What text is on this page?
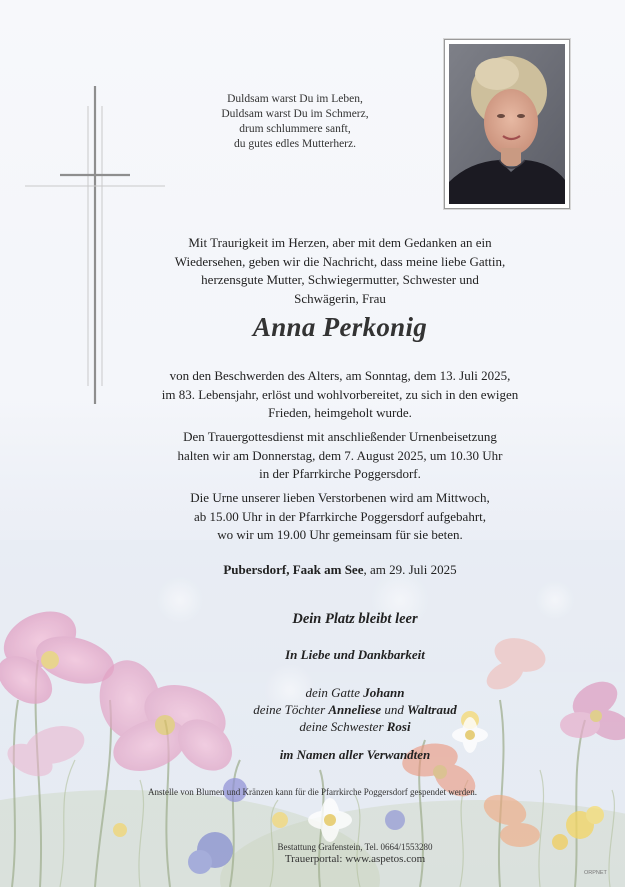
Duldsam warst Du im Leben,
Duldsam warst Du im Schmerz,
drum schlummere sanft,
du gutes edles Mutterherz.
Mit Traurigkeit im Herzen, aber mit dem Gedanken an ein
Wiedersehen, geben wir die Nachricht, dass meine liebe Gattin,
herzensgute Mutter, Schwiegermutter, Schwester und
Schwägerin, Frau
Anna Perkonig
von den Beschwerden des Alters, am Sonntag, dem 13. Juli 2025,
im 83. Lebensjahr, erlöst und wohlvorbereitet, zu sich in den ewigen
Frieden, heimgeholt wurde.
Den Trauergottesdienst mit anschließender Urnenbeisetzung
halten wir am Donnerstag, dem 7. August 2025, um 10.30 Uhr
in der Pfarrkirche Poggersdorf.
Die Urne unserer lieben Verstorbenen wird am Mittwoch,
ab 15.00 Uhr in der Pfarrkirche Poggersdorf aufgebahrt,
wo wir um 19.00 Uhr gemeinsam für sie beten.
Pubersdorf, Faak am See, am 29. Juli 2025
Dein Platz bleibt leer
In Liebe und Dankbarkeit
dein Gatte Johann
deine Töchter Anneliese und Waltraud
deine Schwester Rosi
im Namen aller Verwandten
Anstelle von Blumen und Kränzen kann für die Pfarrkirche Poggersdorf gespendet werden.
Bestattung Grafenstein, Tel. 0664/1553280
Trauerportal: www.aspetos.com
ORPNET
